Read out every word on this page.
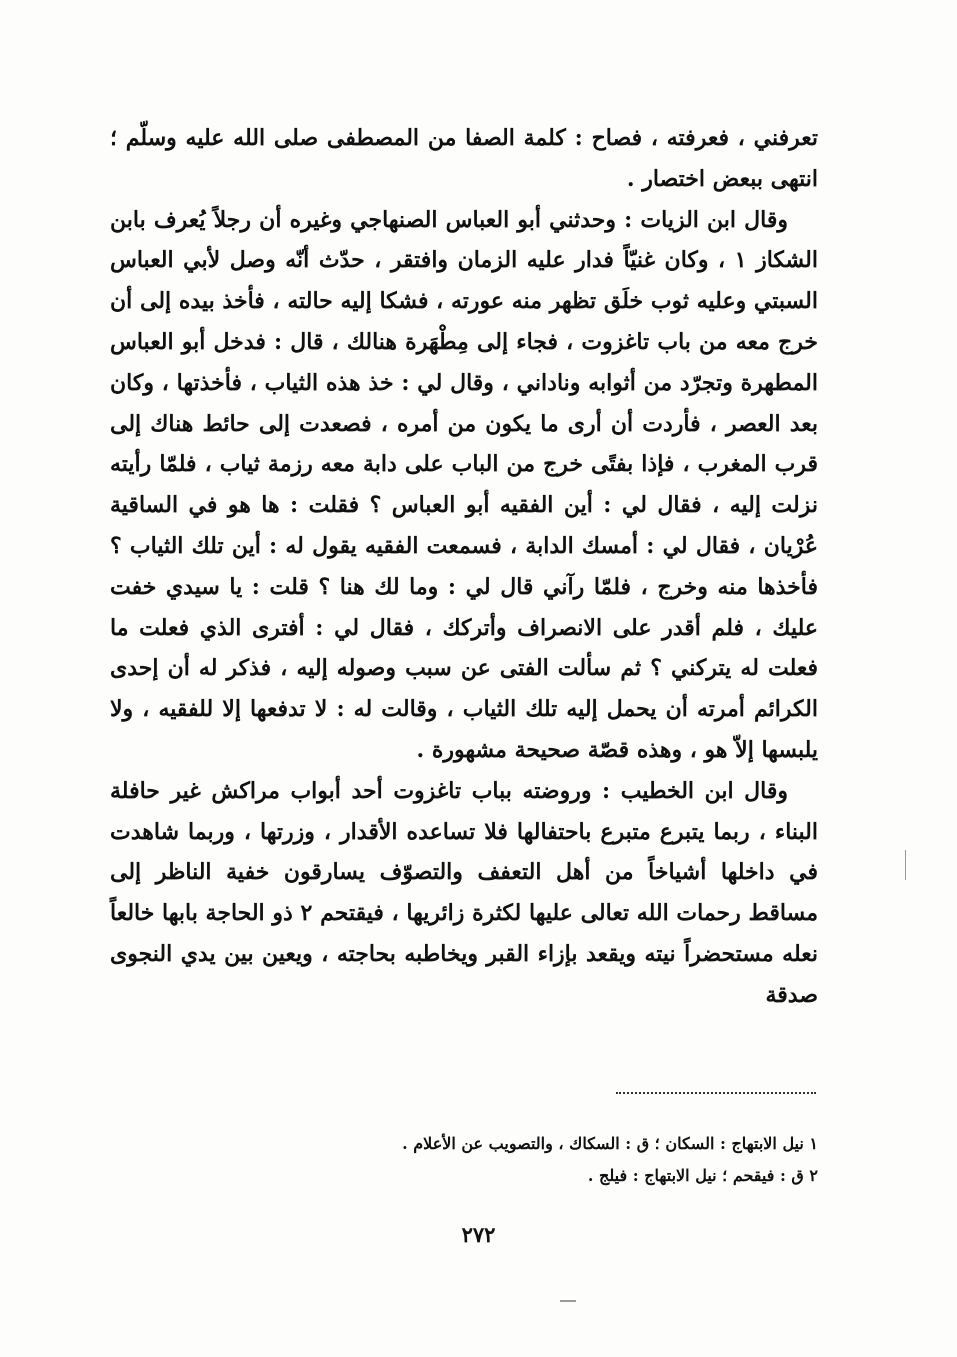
تعرفني ، فعرفته ، فصاح : كلمة الصفا من المصطفى صلى الله عليه وسلّم ؛ انتهى ببعض اختصار .

وقال ابن الزيات : وحدثني أبو العباس الصنهاجي وغيره أن رجلاً يُعرف بابن الشكاز ١ ، وكان غنيّاً فدار عليه الزمان وافتقر ، حدّث أنّه وصل لأبي العباس السبتي وعليه ثوب خلَق تظهر منه عورته ، فشكا إليه حالته ، فأخذ بيده إلى أن خرج معه من باب تاغزوت ، فجاء إلى مِطْهَرة هنالك ، قال : فدخل أبو العباس المطهرة وتجرّد من أثوابه وناداني ، وقال لي : خذ هذه الثياب ، فأخذتها ، وكان بعد العصر ، فأردت أن أرى ما يكون من أمره ، فصعدت إلى حائط هناك إلى قرب المغرب ، فإذا بفتًى خرج من الباب على دابة معه رزمة ثياب ، فلمّا رأيته نزلت إليه ، فقال لي : أين الفقيه أبو العباس ؟ فقلت : ها هو في الساقية عُرْيان ، فقال لي : أمسك الدابة ، فسمعت الفقيه يقول له : أين تلك الثياب ؟ فأخذها منه وخرج ، فلمّا رآني قال لي : وما لك هنا ؟ قلت : يا سيدي خفت عليك ، فلم أقدر على الانصراف وأتركك ، فقال لي : أفترى الذي فعلت ما فعلت له يتركني ؟ ثم سألت الفتى عن سبب وصوله إليه ، فذكر له أن إحدى الكرائم أمرته أن يحمل إليه تلك الثياب ، وقالت له : لا تدفعها إلا للفقيه ، ولا يلبسها إلاّ هو ، وهذه قصّة صحيحة مشهورة .

وقال ابن الخطيب : وروضته بباب تاغزوت أحد أبواب مراكش غير حافلة البناء ، ربما يتبرع متبرع باحتفالها فلا تساعده الأقدار ، وزرتها ، وربما شاهدت في داخلها أشياخاً من أهل التعفف والتصوّف يسارقون خفية الناظر إلى مساقط رحمات الله تعالى عليها لكثرة زائريها ، فيقتحم ٢ ذو الحاجة بابها خالعاً نعله مستحضراً نيته ويقعد بإزاء القبر ويخاطبه بحاجته ، ويعين بين يدي النجوى صدقة

١ نيل الابتهاج : السكان ؛ ق : السكاك ، والتصويب عن الأعلام .
٢ ق : فيقحم ؛ نيل الابتهاج : فيلج .
٢٧٢
